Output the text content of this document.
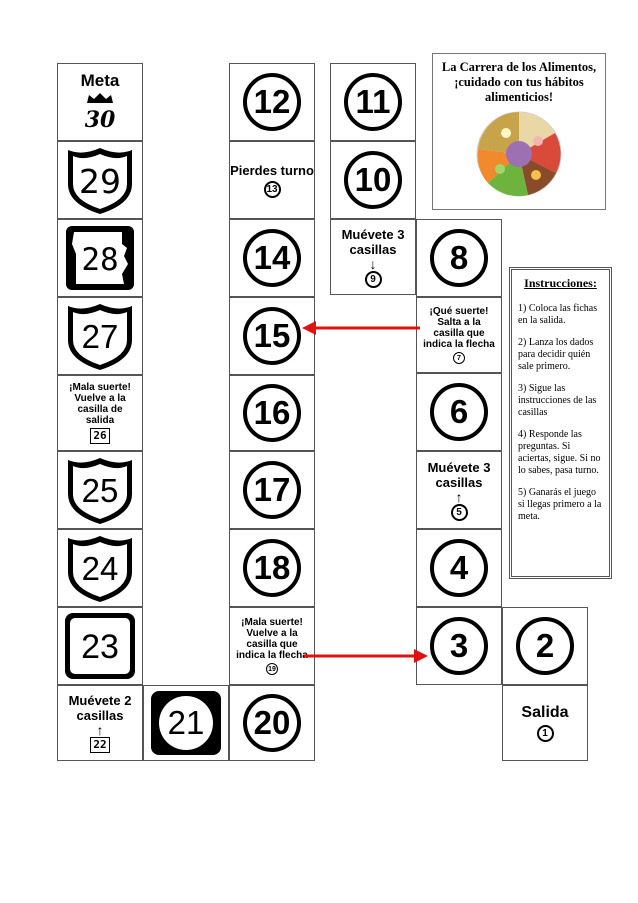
La Carrera de los Alimentos, ¡cuidado con tus hábitos alimenticios!
Instrucciones:

1) Coloca las fichas en la salida.

2) Lanza los dados para decidir quién sale primero.

3) Sigue las instrucciones de las casillas

4) Responde las preguntas. Si aciertas, sigue. Si no lo sabes, pasa turno.

5) Ganarás el juego si llegas primero a la meta.

Meta
30
29
28
27
¡Mala suerte! Vuelve a la casilla de salida
26
25
24
23
Muévete 2 casillas
↑
22
21
12
Pierdes turno
13
14
15
16
17
18
¡Mala suerte! Vuelve a la casilla que indica la flecha
19
20
11
10
Muévete 3 casillas
↓
9
8
¡Qué suerte! Salta a la casilla que indica la flecha
7
6
Muévete 3 casillas
↑
5
4
3	2
Salida
1
